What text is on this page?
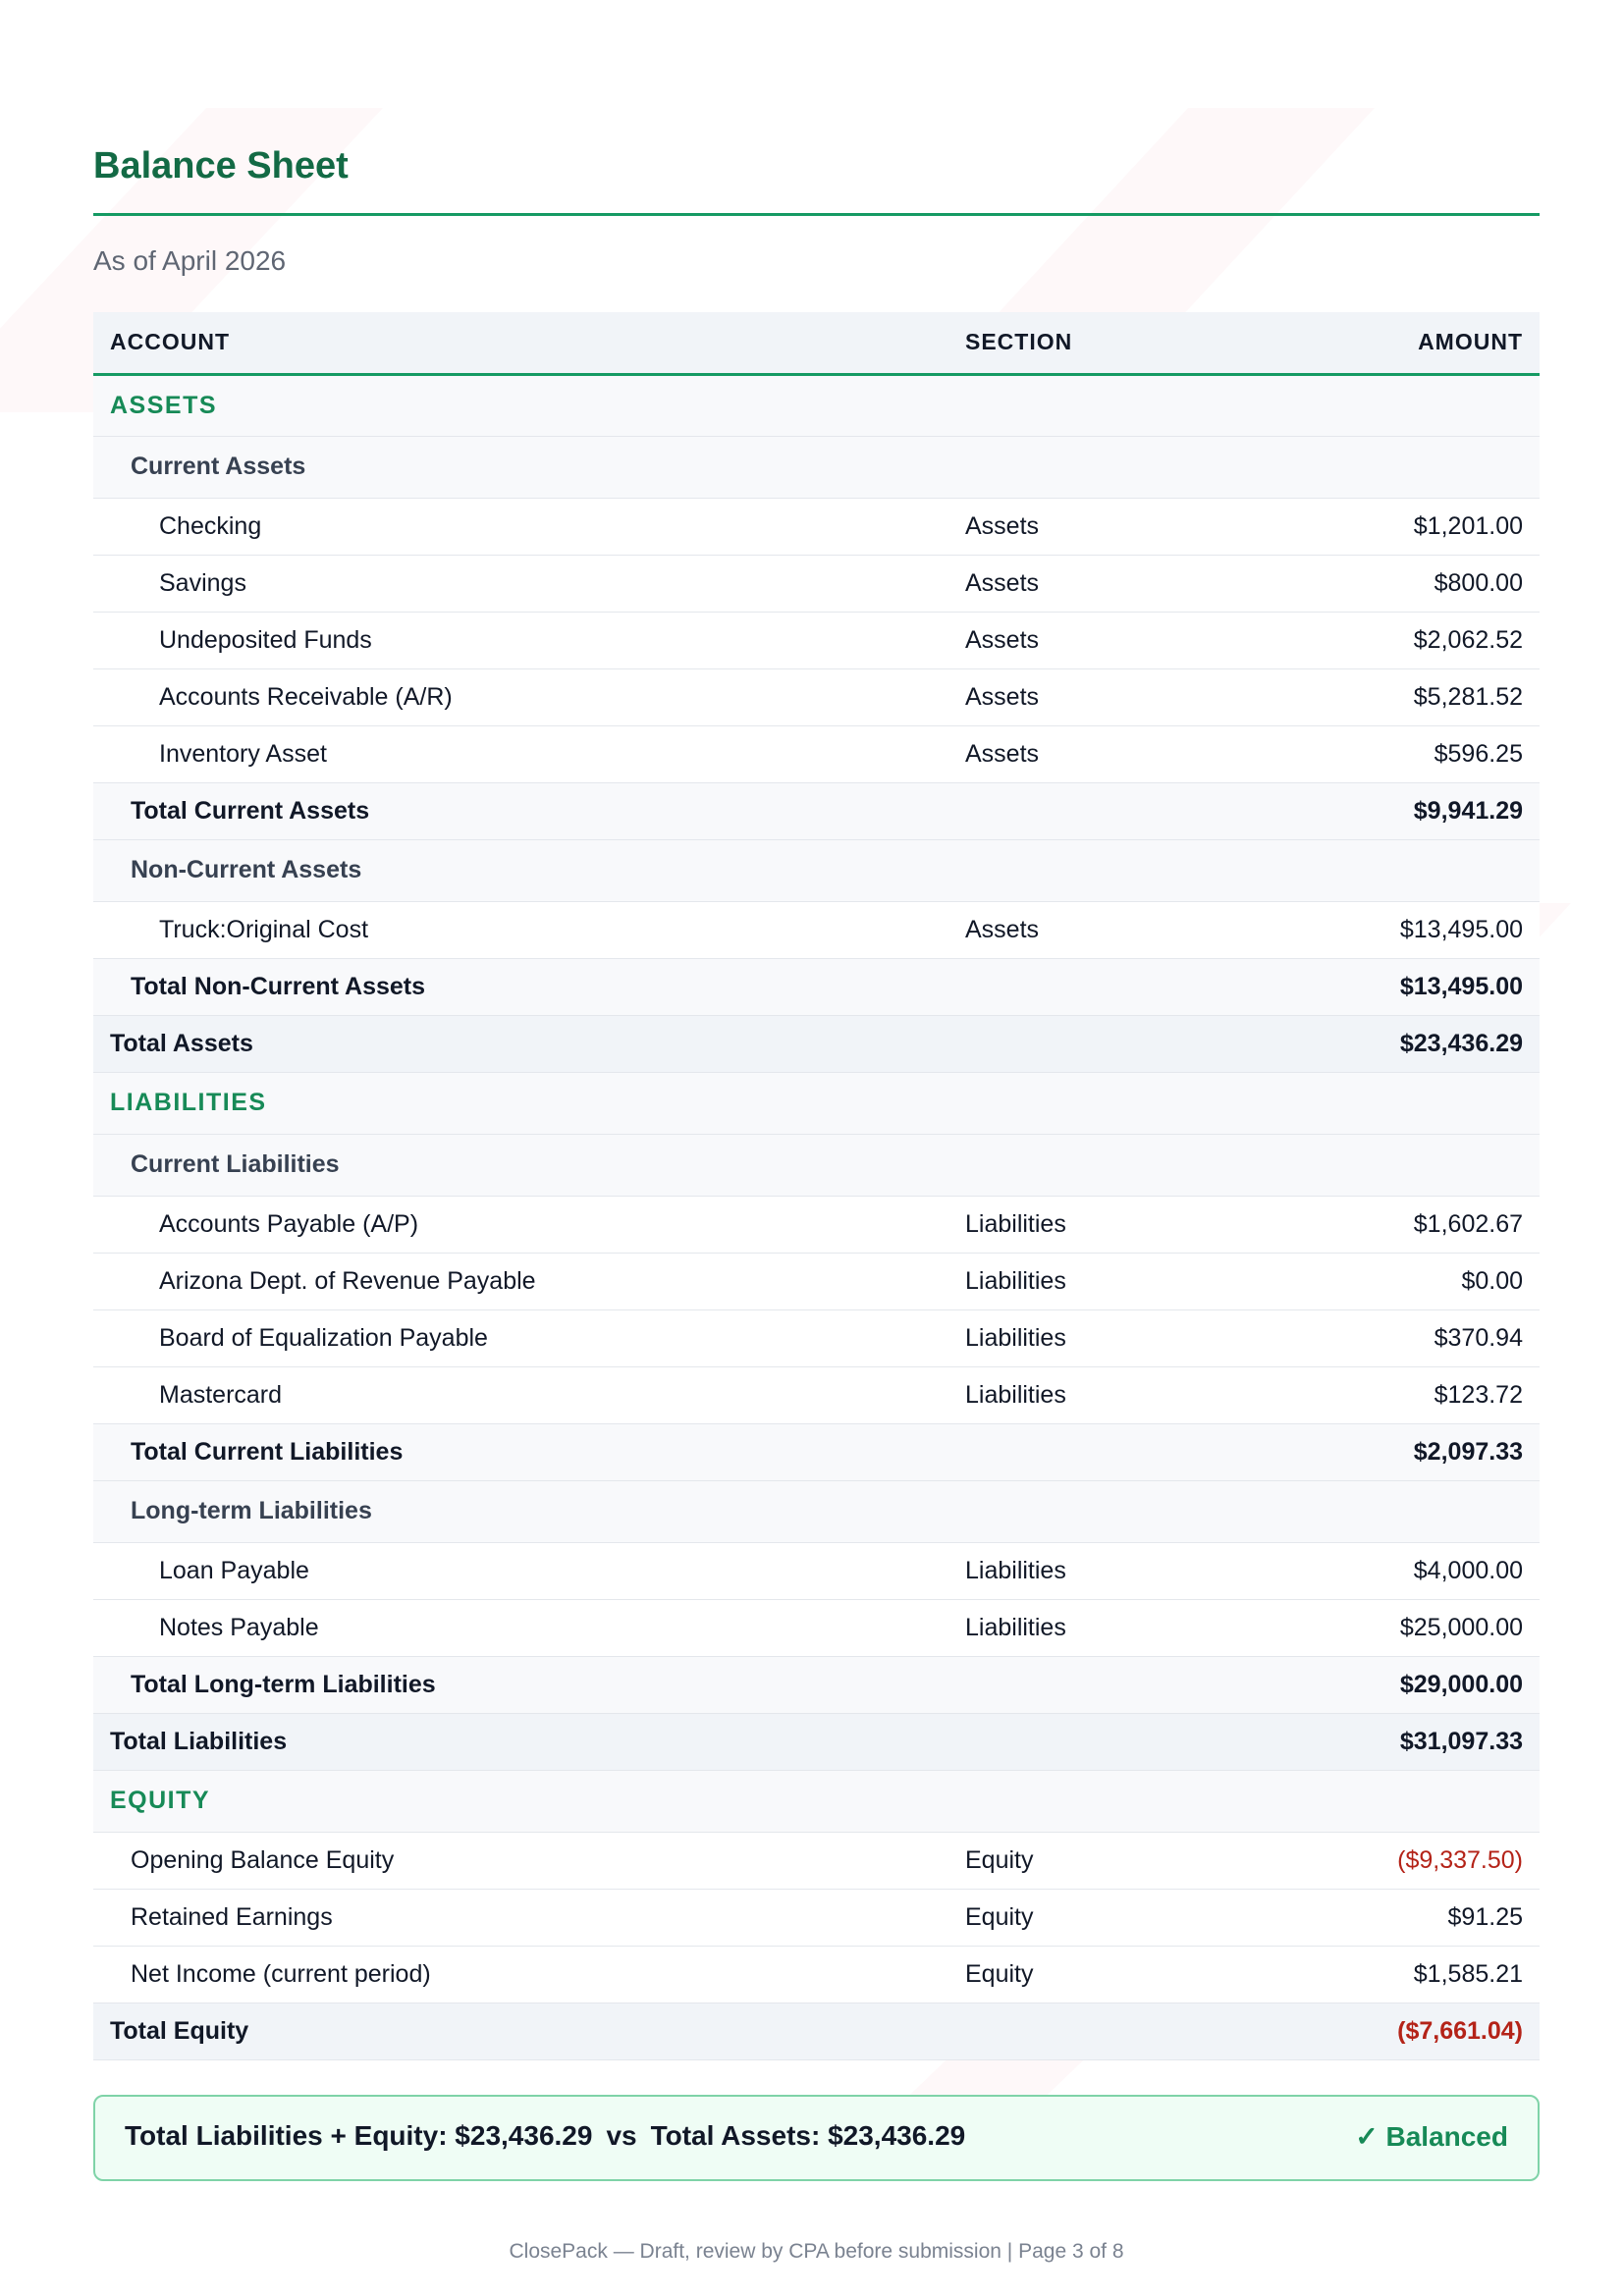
Balance Sheet
As of April 2026
ACCOUNT	SECTION	AMOUNT
ASSETS		
Current Assets		
Checking	Assets	$1,201.00
Savings	Assets	$800.00
Undeposited Funds	Assets	$2,062.52
Accounts Receivable (A/R)	Assets	$5,281.52
Inventory Asset	Assets	$596.25
Total Current Assets		$9,941.29
Non-Current Assets		
Truck:Original Cost	Assets	$13,495.00
Total Non-Current Assets		$13,495.00
Total Assets		$23,436.29
LIABILITIES		
Current Liabilities		
Accounts Payable (A/P)	Liabilities	$1,602.67
Arizona Dept. of Revenue Payable	Liabilities	$0.00
Board of Equalization Payable	Liabilities	$370.94
Mastercard	Liabilities	$123.72
Total Current Liabilities		$2,097.33
Long-term Liabilities		
Loan Payable	Liabilities	$4,000.00
Notes Payable	Liabilities	$25,000.00
Total Long-term Liabilities		$29,000.00
Total Liabilities		$31,097.33
EQUITY		
Opening Balance Equity	Equity	($9,337.50)
Retained Earnings	Equity	$91.25
Net Income (current period)	Equity	$1,585.21
Total Equity		($7,661.04)
Total Liabilities + Equity: $23,436.29 vs Total Assets: $23,436.29	✓ Balanced
ClosePack — Draft, review by CPA before submission | Page 3 of 8
